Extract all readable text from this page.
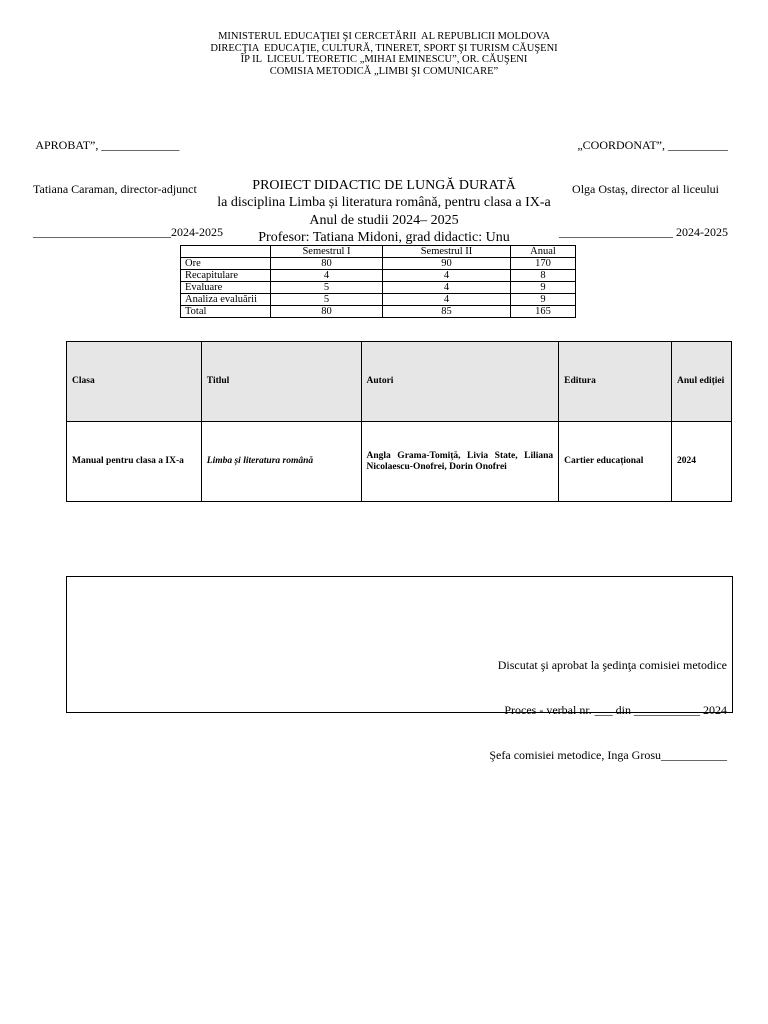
MINISTERUL EDUCAŢIEI ŞI CERCETĂRII  AL REPUBLICII MOLDOVA
DIRECŢIA  EDUCAŢIE, CULTURĂ, TINERET, SPORT ŞI TURISM CĂUŞENI
ÎP IL  LICEUL TEORETIC „MIHAI EMINESCU”, OR. CĂUŞENI
COMISIA METODICĂ „LIMBI ŞI COMUNICARE”

APROBAT”, _____________

Tatiana Caraman, director-adjunct

_______________________2024-2025

„COORDONAT”, __________

Olga Ostaș, director al liceului

___________________ 2024-2025

PROIECT DIDACTIC DE LUNGĂ DURATĂ
la disciplina Limba și literatura română, pentru clasa a IX-a
Anul de studii 2024– 2025
Profesor: Tatiana Midoni, grad didactic: Unu
	Semestrul I	Semestrul II	Anual
Ore	80	90	170
Recapitulare	4	4	8
Evaluare	5	4	9
Analiza evaluării	5	4	9
Total	80	85	165
Clasa	Titlul	Autori	Editura	Anul ediției
Manual pentru clasa a IX-a	Limba și literatura română	Angla Grama-Tomiță, Livia State, Liliana Nicolaescu-Onofrei, Dorin Onofrei	Cartier educațional	2024

Discutat şi aprobat la şedinţa comisiei metodice

Proces - verbal nr. ___ din ___________ 2024

Şefa comisiei metodice, Inga Grosu___________
